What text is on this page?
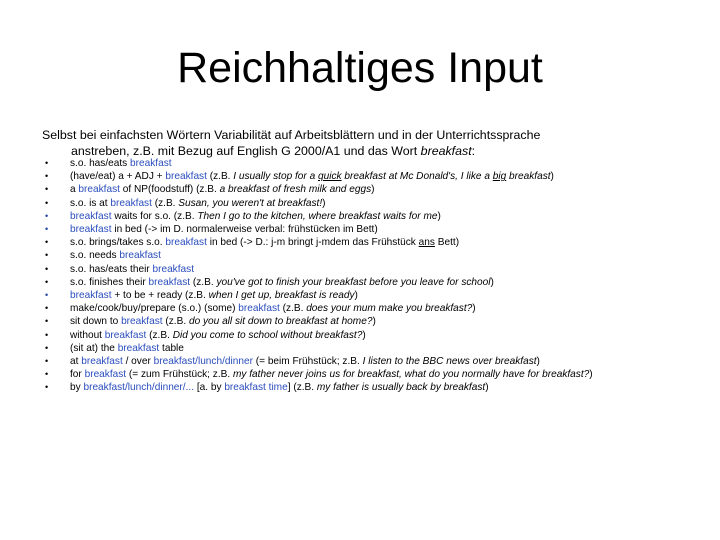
Reichhaltiges Input

Selbst bei einfachsten Wörtern Variabilität auf Arbeitsblättern und in der Unterrichtssprache
anstreben, z.B. mit Bezug auf English G 2000/A1 und das Wort breakfast:

• s.o. has/eats breakfast
• (have/eat) a + ADJ + breakfast (z.B. I usually stop for a quick breakfast at Mc Donald's, I like a big breakfast)
• a breakfast of NP(foodstuff) (z.B. a breakfast of fresh milk and eggs)
• s.o. is at breakfast (z.B. Susan, you weren't at breakfast!)
• breakfast waits for s.o. (z.B. Then I go to the kitchen, where breakfast waits for me)
• breakfast in bed (-> im D. normalerweise verbal: frühstücken im Bett)
• s.o. brings/takes s.o. breakfast in bed (-> D.: j-m bringt j-mdem das Frühstück ans Bett)
• s.o. needs breakfast
• s.o. has/eats their breakfast
• s.o. finishes their breakfast (z.B. you've got to finish your breakfast before you leave for school)
• breakfast + to be + ready (z.B. when I get up, breakfast is ready)
• make/cook/buy/prepare (s.o.) (some) breakfast (z.B. does your mum make you breakfast?)
• sit down to breakfast (z.B. do you all sit down to breakfast at home?)
• without breakfast (z.B. Did you come to school without breakfast?)
• (sit at) the breakfast table
• at breakfast / over breakfast/lunch/dinner (= beim Frühstück; z.B. I listen to the BBC news over breakfast)
• for breakfast (= zum Frühstück; z.B. my father never joins us for breakfast, what do you normally have for breakfast?)
• by breakfast/lunch/dinner/... [a. by breakfast time] (z.B. my father is usually back by breakfast)
